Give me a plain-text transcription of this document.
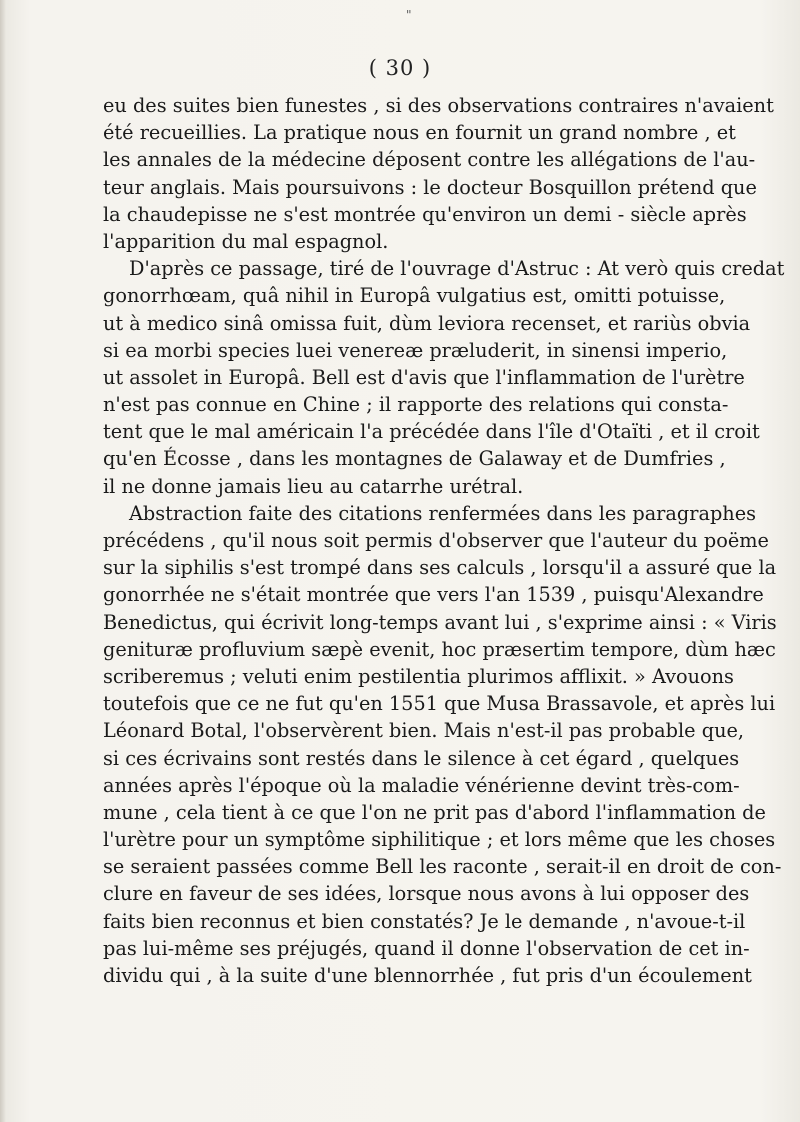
"
( 30 )
eu des suites bien funestes , si des observations contraires n'avaient
été recueillies. La pratique nous en fournit un grand nombre , et
les annales de la médecine déposent contre les allégations de l'au-
teur anglais. Mais poursuivons : le docteur Bosquillon prétend que
la chaudepisse ne s'est montrée qu'environ un demi - siècle après
l'apparition du mal espagnol.
D'après ce passage, tiré de l'ouvrage d'Astruc : At verò quis credat
gonorrhœam, quâ nihil in Europâ vulgatius est, omitti potuisse,
ut à medico sinâ omissa fuit, dùm leviora recenset, et rariùs obvia
si ea morbi species luei venereæ præluderit, in sinensi imperio,
ut assolet in Europâ. Bell est d'avis que l'inflammation de l'urètre
n'est pas connue en Chine ; il rapporte des relations qui consta-
tent que le mal américain l'a précédée dans l'île d'Otaïti , et il croit
qu'en Écosse , dans les montagnes de Galaway et de Dumfries ,
il ne donne jamais lieu au catarrhe urétral.
Abstraction faite des citations renfermées dans les paragraphes
précédens , qu'il nous soit permis d'observer que l'auteur du poëme
sur la siphilis s'est trompé dans ses calculs , lorsqu'il a assuré que la
gonorrhée ne s'était montrée que vers l'an 1539 , puisqu'Alexandre
Benedictus, qui écrivit long-temps avant lui , s'exprime ainsi : « Viris
genituræ profluvium sæpè evenit, hoc præsertim tempore, dùm hæc
scriberemus ; veluti enim pestilentia plurimos afflixit. » Avouons
toutefois que ce ne fut qu'en 1551 que Musa Brassavole, et après lui
Léonard Botal, l'observèrent bien. Mais n'est-il pas probable que,
si ces écrivains sont restés dans le silence à cet égard , quelques
années après l'époque où la maladie vénérienne devint très-com-
mune , cela tient à ce que l'on ne prit pas d'abord l'inflammation de
l'urètre pour un symptôme siphilitique ; et lors même que les choses
se seraient passées comme Bell les raconte , serait-il en droit de con-
clure en faveur de ses idées, lorsque nous avons à lui opposer des
faits bien reconnus et bien constatés? Je le demande , n'avoue-t-il
pas lui-même ses préjugés, quand il donne l'observation de cet in-
dividu qui , à la suite d'une blennorrhée , fut pris d'un écoulement
